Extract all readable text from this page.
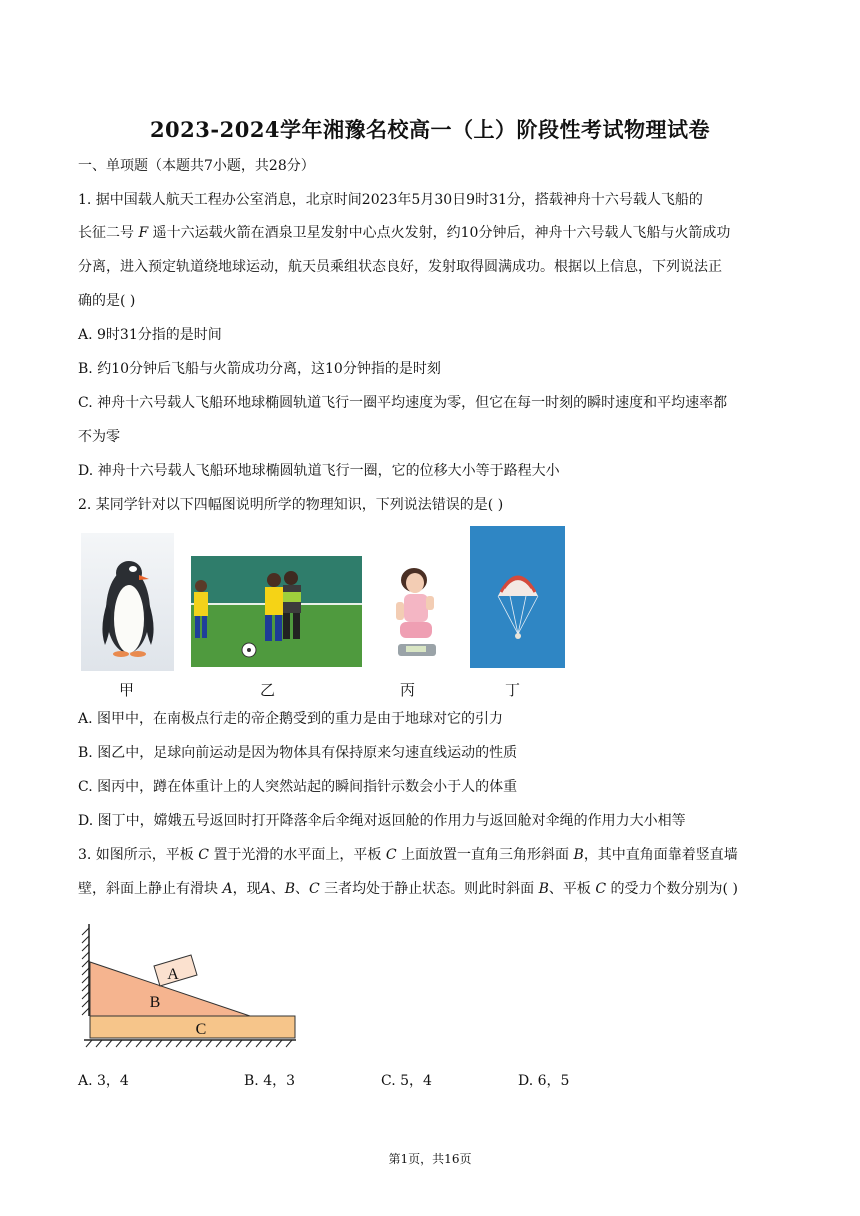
2023-2024学年湘豫名校高一（上）阶段性考试物理试卷
一、单项题（本题共7小题，共28分）
1. 据中国载人航天工程办公室消息，北京时间2023年5月30日9时31分，搭载神舟十六号载人飞船的
长征二号 F 遥十六运载火箭在酒泉卫星发射中心点火发射，约10分钟后，神舟十六号载人飞船与火箭成功
分离，进入预定轨道绕地球运动，航天员乘组状态良好，发射取得圆满成功。根据以上信息，下列说法正
确的是( )
A. 9时31分指的是时间
B. 约10分钟后飞船与火箭成功分离，这10分钟指的是时刻
C. 神舟十六号载人飞船环地球椭圆轨道飞行一圈平均速度为零，但它在每一时刻的瞬时速度和平均速率都
不为零
D. 神舟十六号载人飞船环地球椭圆轨道飞行一圈，它的位移大小等于路程大小
2. 某同学针对以下四幅图说明所学的物理知识，下列说法错误的是( )
甲	乙	丙	丁
A. 图甲中，在南极点行走的帝企鹅受到的重力是由于地球对它的引力
B. 图乙中，足球向前运动是因为物体具有保持原来匀速直线运动的性质
C. 图丙中，蹲在体重计上的人突然站起的瞬间指针示数会小于人的体重
D. 图丁中，嫦娥五号返回时打开降落伞后伞绳对返回舱的作用力与返回舱对伞绳的作用力大小相等
3. 如图所示，平板 C 置于光滑的水平面上，平板 C 上面放置一直角三角形斜面 B，其中直角面靠着竖直墙
壁，斜面上静止有滑块 A，现A、B、C 三者均处于静止状态。则此时斜面 B、平板 C 的受力个数分别为( )
A
B
C
A. 3，4	B. 4，3	C. 5，4	D. 6，5
第1页，共16页
